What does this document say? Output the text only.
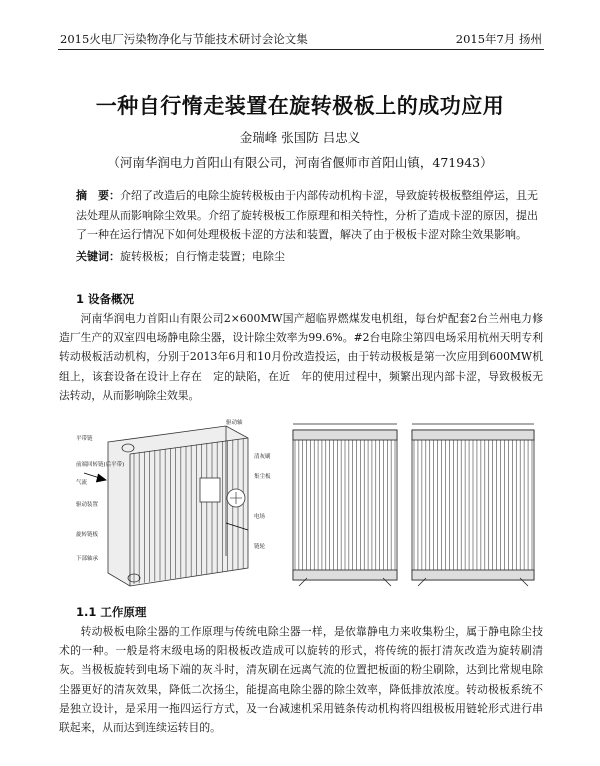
2015火电厂污染物净化与节能技术研讨会论文集	2015年7月 扬州
一种自行惰走装置在旋转极板上的成功应用
金瑞峰 张国防 吕忠义
（河南华润电力首阳山有限公司，河南省偃师市首阳山镇，471943）
摘　要：介绍了改造后的电除尘旋转极板由于内部传动机构卡涩，导致旋转极板整组停运，且无法处理从而影响除尘效果。介绍了旋转极板工作原理和相关特性，分析了造成卡涩的原因，提出了一种在运行情况下如何处理极板卡涩的方法和装置，解决了由于极板卡涩对除尘效果影响。
关键词：旋转极板；自行惰走装置；电除尘
1 设备概况
河南华润电力首阳山有限公司2×600MW国产超临界燃煤发电机组，每台炉配套2台兰州电力修造厂生产的双室四电场静电除尘器，设计除尘效率为99.6%。#2台电除尘第四电场采用杭州天明专利转动极板活动机构，分别于2013年6月和10月份改造投运，由于转动极板是第一次应用到600MW机组上，该套设备在设计上存在　定的缺陷，在近　年的使用过程中，频繁出现内部卡涩，导致极板无法转动，从而影响除尘效果。
平带链
前端回转链(后平带)
气流
驱动装置
旋转链板
下部轴承
驱动轴
清灰刷
集尘板
电场
链轮
1.1 工作原理
转动极板电除尘器的工作原理与传统电除尘器一样，是依靠静电力来收集粉尘，属于静电除尘技术的一种。一般是将末级电场的阳极板改造成可以旋转的形式，将传统的振打清灰改造为旋转刷清灰。当极板旋转到电场下端的灰斗时，清灰刷在远离气流的位置把板面的粉尘刷除，达到比常规电除尘器更好的清灰效果，降低二次扬尘，能提高电除尘器的除尘效率，降低排放浓度。转动极板系统不是独立设计，是采用一拖四运行方式，及一台减速机采用链条传动机构将四组极板用链轮形式进行串联起来，从而达到连续运转目的。
